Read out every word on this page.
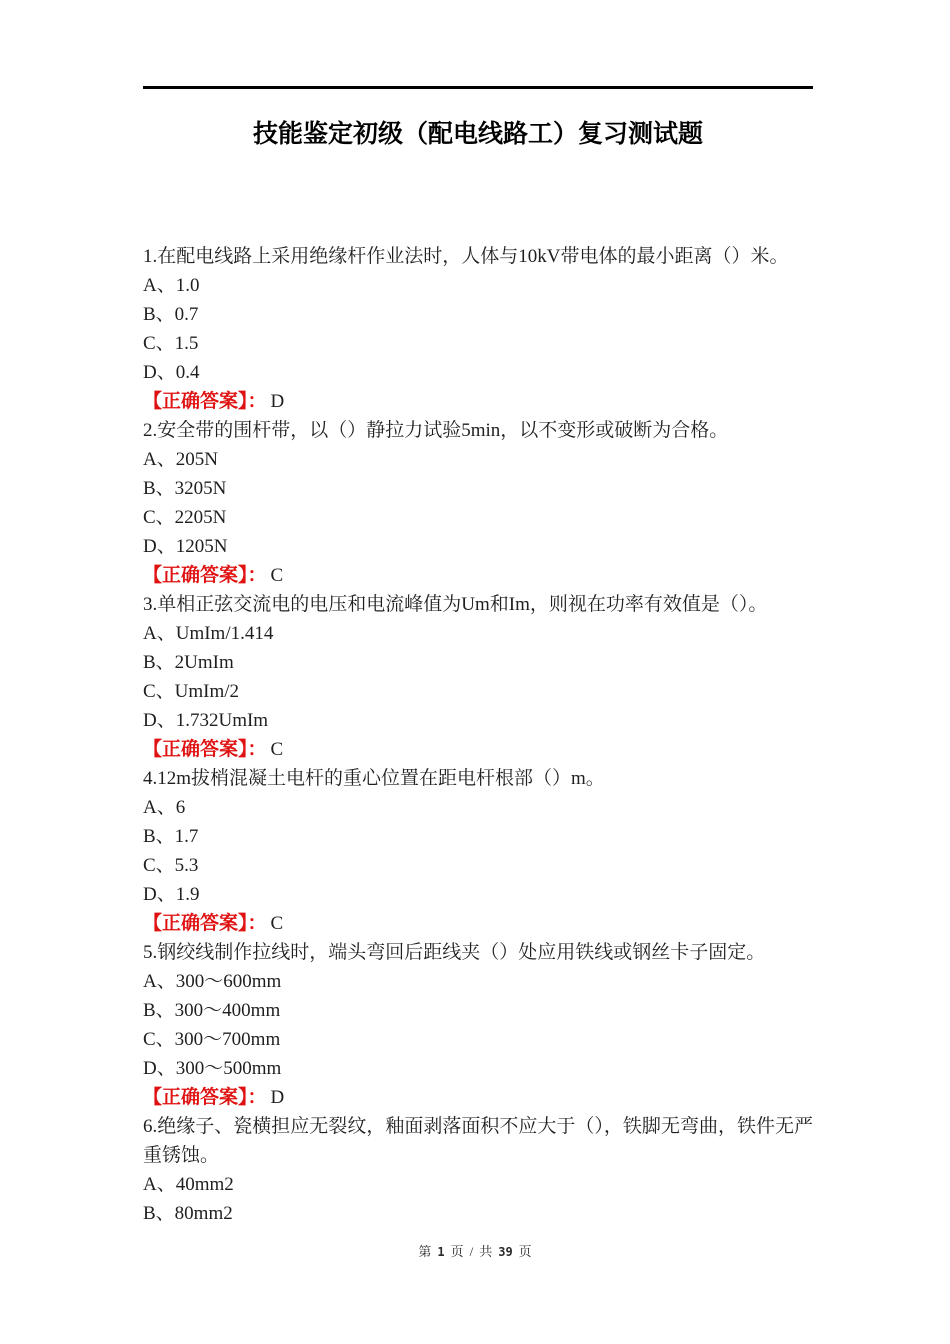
技能鉴定初级（配电线路工）复习测试题

1.在配电线路上采用绝缘杆作业法时，人体与10kV带电体的最小距离（）米。

A、1.0

B、0.7

C、1.5

D、0.4

【正确答案】： D

2.安全带的围杆带，以（）静拉力试验5min，以不变形或破断为合格。

A、205N

B、3205N

C、2205N

D、1205N

【正确答案】： C

3.单相正弦交流电的电压和电流峰值为Um和Im，则视在功率有效值是（）。

A、UmIm/1.414

B、2UmIm

C、UmIm/2

D、1.732UmIm

【正确答案】： C

4.12m拔梢混凝土电杆的重心位置在距电杆根部（）m。

A、6

B、1.7

C、5.3

D、1.9

【正确答案】： C

5.钢绞线制作拉线时，端头弯回后距线夹（）处应用铁线或钢丝卡子固定。

A、300～600mm

B、300～400mm

C、300～700mm

D、300～500mm

【正确答案】： D

6.绝缘子、瓷横担应无裂纹，釉面剥落面积不应大于（），铁脚无弯曲，铁件无严重锈蚀。

A、40mm2

B、80mm2

第 1 页 / 共 39 页
